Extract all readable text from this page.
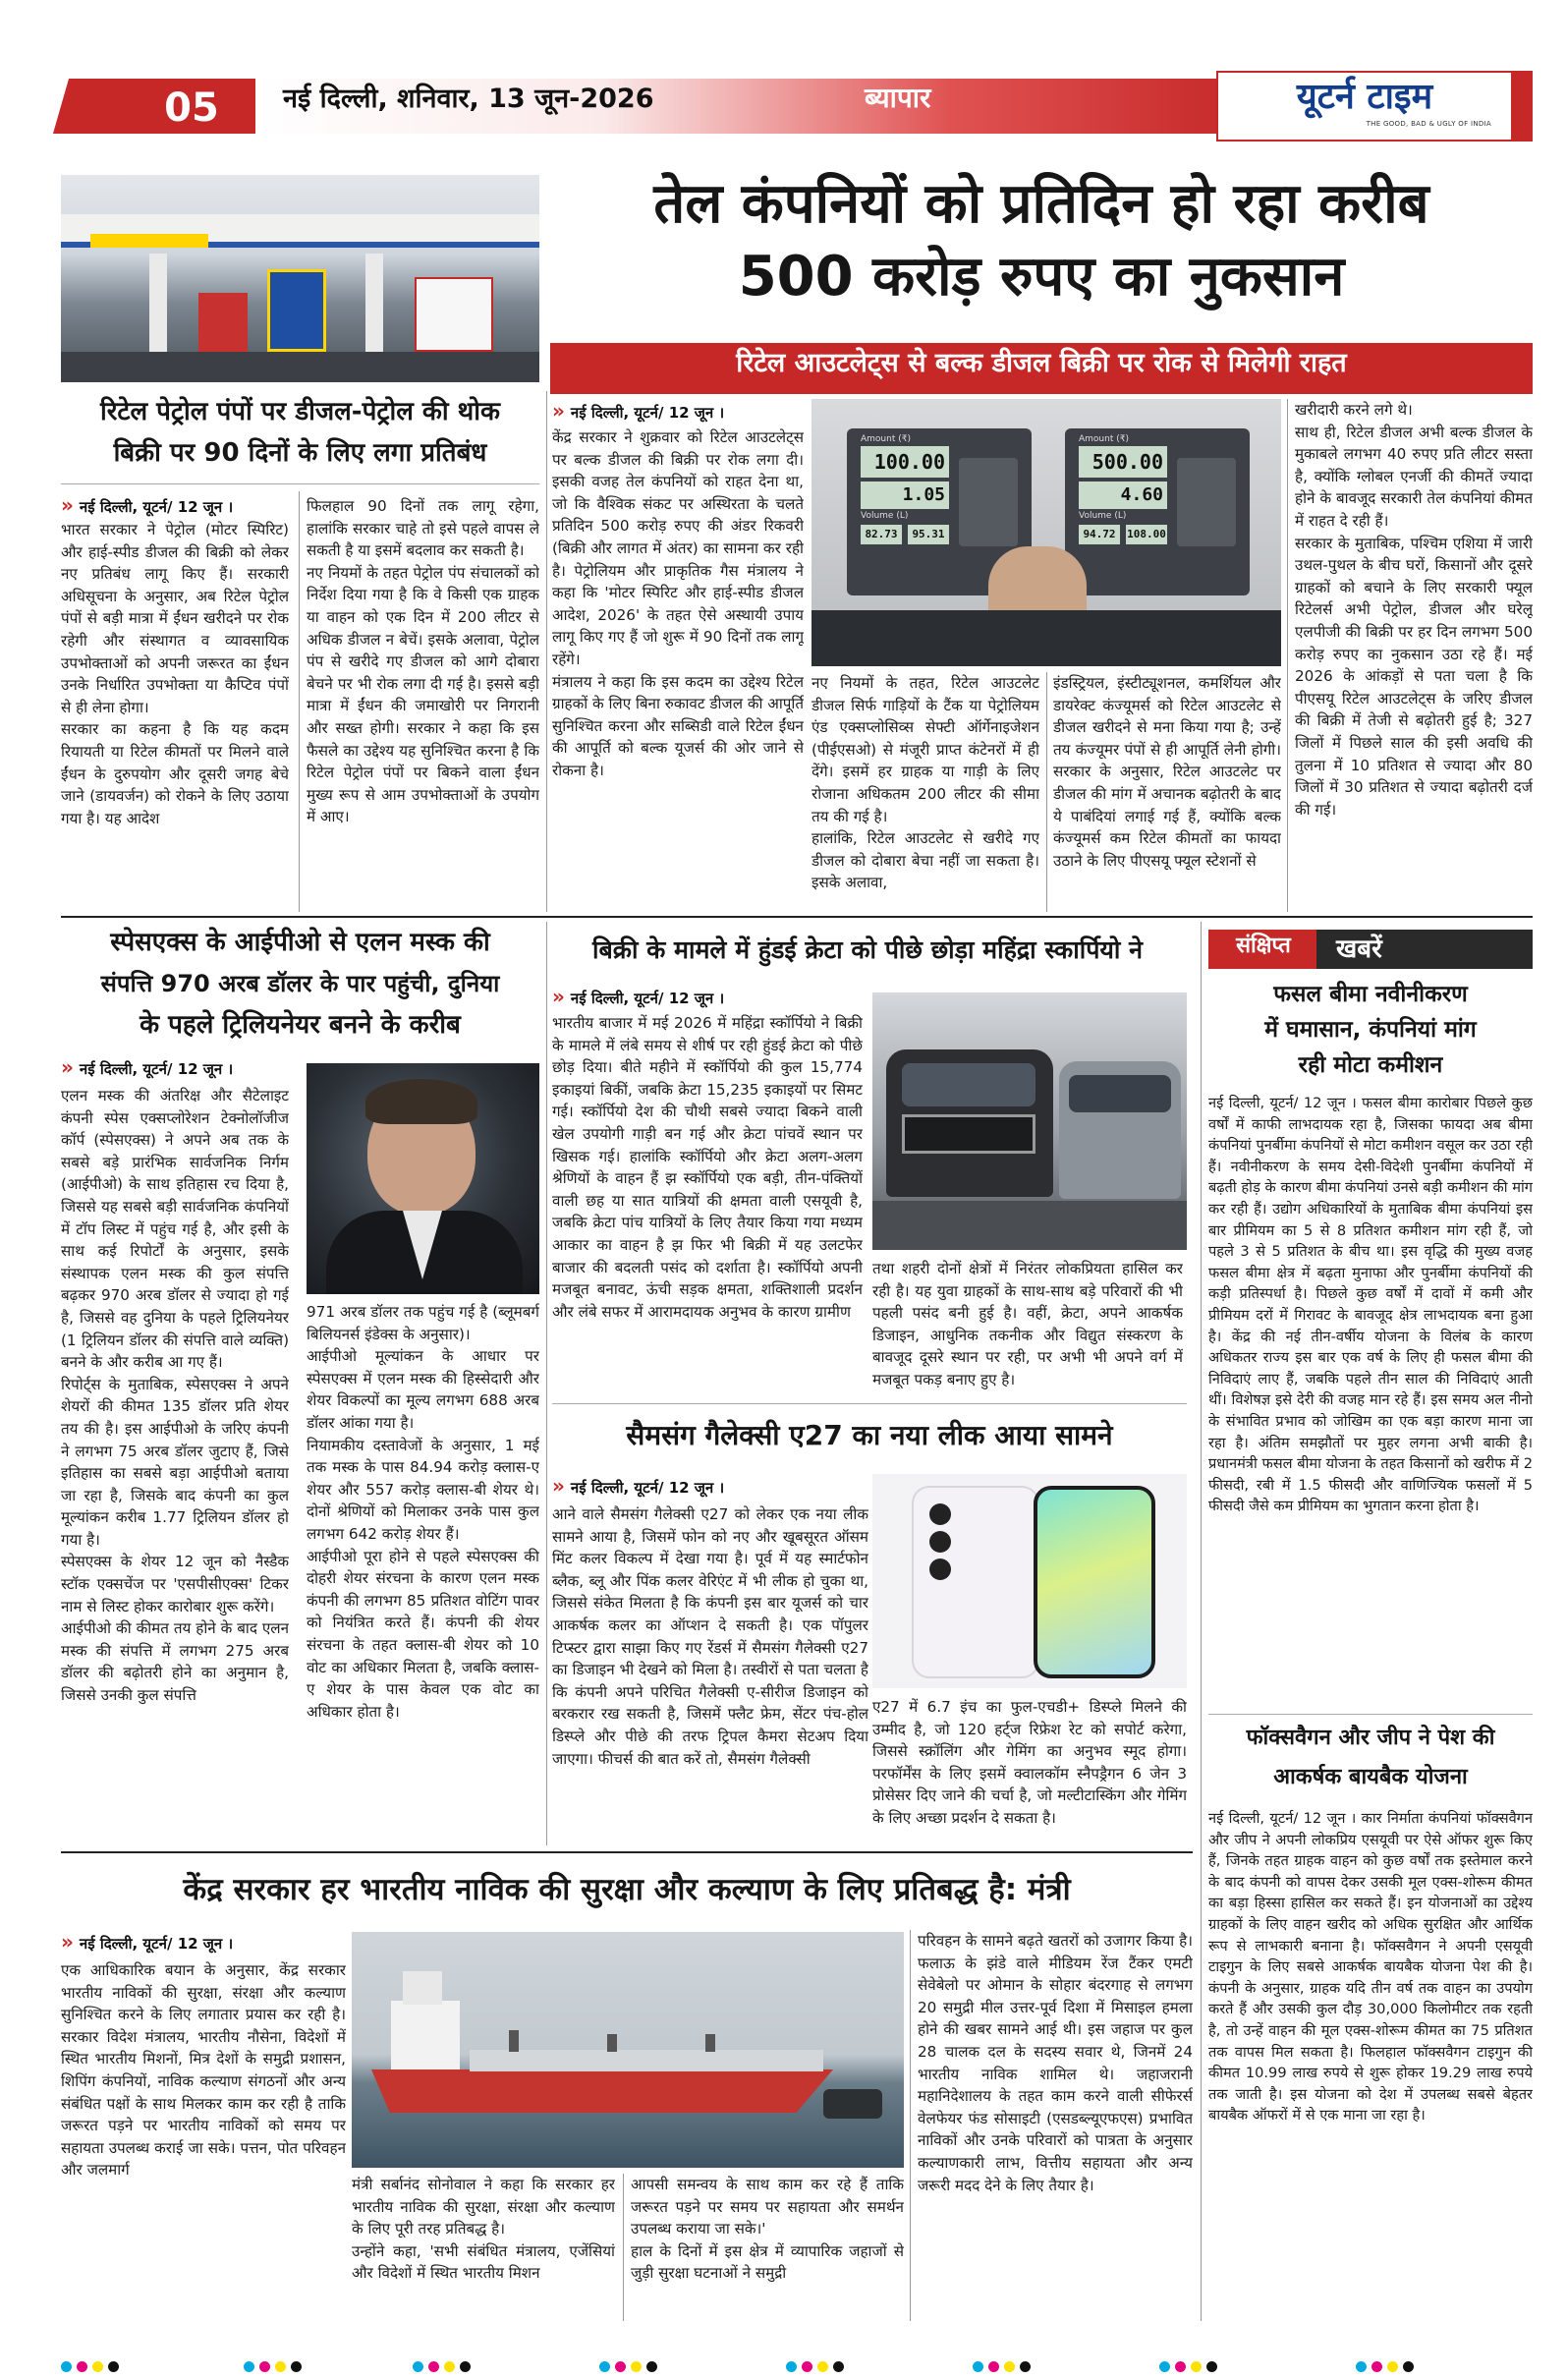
05	नई दिल्ली, शनिवार, 13 जून-2026	ब्यापार	यूटर्न टाइम
THE GOOD, BAD & UGLY OF INDIA
तेल कंपनियों को प्रतिदिन हो रहा करीब
500 करोड़ रुपए का नुकसान
रिटेल आउटलेट्स से बल्क डीजल बिक्री पर रोक से मिलेगी राहत
रिटेल पेट्रोल पंपों पर डीजल-पेट्रोल की थोक
बिक्री पर 90 दिनों के लिए लगा प्रतिबंध
» नई दिल्ली, यूटर्न/ 12 जून ।
भारत सरकार ने पेट्रोल (मोटर स्पिरिट) और हाई-स्पीड डीजल की बिक्री को लेकर नए प्रतिबंध लागू किए हैं। सरकारी अधिसूचना के अनुसार, अब रिटेल पेट्रोल पंपों से बड़ी मात्रा में ईंधन खरीदने पर रोक रहेगी और संस्थागत व व्यावसायिक उपभोक्ताओं को अपनी जरूरत का ईंधन उनके निर्धारित उपभोक्ता या कैप्टिव पंपों से ही लेना होगा।
सरकार का कहना है कि यह कदम रियायती या रिटेल कीमतों पर मिलने वाले ईंधन के दुरुपयोग और दूसरी जगह बेचे जाने (डायवर्जन) को रोकने के लिए उठाया गया है। यह आदेश
फिलहाल 90 दिनों तक लागू रहेगा, हालांकि सरकार चाहे तो इसे पहले वापस ले सकती है या इसमें बदलाव कर सकती है।
नए नियमों के तहत पेट्रोल पंप संचालकों को निर्देश दिया गया है कि वे किसी एक ग्राहक या वाहन को एक दिन में 200 लीटर से अधिक डीजल न बेचें। इसके अलावा, पेट्रोल पंप से खरीदे गए डीजल को आगे दोबारा बेचने पर भी रोक लगा दी गई है। इससे बड़ी मात्रा में ईंधन की जमाखोरी पर निगरानी और सख्त होगी। सरकार ने कहा कि इस फैसले का उद्देश्य यह सुनिश्चित करना है कि रिटेल पेट्रोल पंपों पर बिकने वाला ईंधन मुख्य रूप से आम उपभोक्ताओं के उपयोग में आए।
» नई दिल्ली, यूटर्न/ 12 जून ।
केंद्र सरकार ने शुक्रवार को रिटेल आउटलेट्स पर बल्क डीजल की बिक्री पर रोक लगा दी। इसकी वजह तेल कंपनियों को राहत देना था, जो कि वैश्विक संकट पर अस्थिरता के चलते प्रतिदिन 500 करोड़ रुपए की अंडर रिकवरी (बिक्री और लागत में अंतर) का सामना कर रही है। पेट्रोलियम और प्राकृतिक गैस मंत्रालय ने कहा कि 'मोटर स्पिरिट और हाई-स्पीड डीजल आदेश, 2026' के तहत ऐसे अस्थायी उपाय लागू किए गए हैं जो शुरू में 90 दिनों तक लागू रहेंगे।
मंत्रालय ने कहा कि इस कदम का उद्देश्य रिटेल ग्राहकों के लिए बिना रुकावट डीजल की आपूर्ति सुनिश्चित करना और सब्सिडी वाले रिटेल ईंधन की आपूर्ति को बल्क यूजर्स की ओर जाने से रोकना है।
Amount (₹)
100.00
1.05
Volume (L)
82.73	95.31
Amount (₹)
500.00
4.60
Volume (L)
94.72	108.00
नए नियमों के तहत, रिटेल आउटलेट डीजल सिर्फ गाड़ियों के टैंक या पेट्रोलियम एंड एक्सप्लोसिव्स सेफ्टी ऑर्गेनाइजेशन (पीईएसओ) से मंजूरी प्राप्त कंटेनरों में ही देंगे। इसमें हर ग्राहक या गाड़ी के लिए रोजाना अधिकतम 200 लीटर की सीमा तय की गई है।
हालांकि, रिटेल आउटलेट से खरीदे गए डीजल को दोबारा बेचा नहीं जा सकता है। इसके अलावा,
इंडस्ट्रियल, इंस्टीट्यूशनल, कमर्शियल और डायरेक्ट कंज्यूमर्स को रिटेल आउटलेट से डीजल खरीदने से मना किया गया है; उन्हें तय कंज्यूमर पंपों से ही आपूर्ति लेनी होगी। सरकार के अनुसार, रिटेल आउटलेट पर डीजल की मांग में अचानक बढ़ोतरी के बाद ये पाबंदियां लगाई गई हैं, क्योंकि बल्क कंज्यूमर्स कम रिटेल कीमतों का फायदा उठाने के लिए पीएसयू फ्यूल स्टेशनों से
खरीदारी करने लगे थे।
साथ ही, रिटेल डीजल अभी बल्क डीजल के मुकाबले लगभग 40 रुपए प्रति लीटर सस्ता है, क्योंकि ग्लोबल एनर्जी की कीमतें ज्यादा होने के बावजूद सरकारी तेल कंपनियां कीमत में राहत दे रही हैं।
सरकार के मुताबिक, पश्चिम एशिया में जारी उथल-पुथल के बीच घरों, किसानों और दूसरे ग्राहकों को बचाने के लिए सरकारी फ्यूल रिटेलर्स अभी पेट्रोल, डीजल और घरेलू एलपीजी की बिक्री पर हर दिन लगभग 500 करोड़ रुपए का नुकसान उठा रहे हैं। मई 2026 के आंकड़ों से पता चला है कि पीएसयू रिटेल आउटलेट्स के जरिए डीजल की बिक्री में तेजी से बढ़ोतरी हुई है; 327 जिलों में पिछले साल की इसी अवधि की तुलना में 10 प्रतिशत से ज्यादा और 80 जिलों में 30 प्रतिशत से ज्यादा बढ़ोतरी दर्ज की गई।
स्पेसएक्स के आईपीओ से एलन मस्क की
संपत्ति 970 अरब डॉलर के पार पहुंची, दुनिया
के पहले ट्रिलियनेयर बनने के करीब
» नई दिल्ली, यूटर्न/ 12 जून ।
एलन मस्क की अंतरिक्ष और सैटेलाइट कंपनी स्पेस एक्सप्लोरेशन टेक्नोलॉजीज कॉर्प (स्पेसएक्स) ने अपने अब तक के सबसे बड़े प्रारंभिक सार्वजनिक निर्गम (आईपीओ) के साथ इतिहास रच दिया है, जिससे यह सबसे बड़ी सार्वजनिक कंपनियों में टॉप लिस्ट में पहुंच गई है, और इसी के साथ कई रिपोर्टों के अनुसार, इसके संस्थापक एलन मस्क की कुल संपत्ति बढ़कर 970 अरब डॉलर से ज्यादा हो गई है, जिससे वह दुनिया के पहले ट्रिलियनेयर (1 ट्रिलियन डॉलर की संपत्ति वाले व्यक्ति) बनने के और करीब आ गए हैं।
रिपोर्ट्स के मुताबिक, स्पेसएक्स ने अपने शेयरों की कीमत 135 डॉलर प्रति शेयर तय की है। इस आईपीओ के जरिए कंपनी ने लगभग 75 अरब डॉलर जुटाए हैं, जिसे इतिहास का सबसे बड़ा आईपीओ बताया जा रहा है, जिसके बाद कंपनी का कुल मूल्यांकन करीब 1.77 ट्रिलियन डॉलर हो गया है।
स्पेसएक्स के शेयर 12 जून को नैस्डैक स्टॉक एक्सचेंज पर 'एसपीसीएक्स' टिकर नाम से लिस्ट होकर कारोबार शुरू करेंगे।
आईपीओ की कीमत तय होने के बाद एलन मस्क की संपत्ति में लगभग 275 अरब डॉलर की बढ़ोतरी होने का अनुमान है, जिससे उनकी कुल संपत्ति
971 अरब डॉलर तक पहुंच गई है (ब्लूमबर्ग बिलियनर्स इंडेक्स के अनुसार)।
आईपीओ मूल्यांकन के आधार पर स्पेसएक्स में एलन मस्क की हिस्सेदारी और शेयर विकल्पों का मूल्य लगभग 688 अरब डॉलर आंका गया है।
नियामकीय दस्तावेजों के अनुसार, 1 मई तक मस्क के पास 84.94 करोड़ क्लास-ए शेयर और 557 करोड़ क्लास-बी शेयर थे। दोनों श्रेणियों को मिलाकर उनके पास कुल लगभग 642 करोड़ शेयर हैं।
आईपीओ पूरा होने से पहले स्पेसएक्स की दोहरी शेयर संरचना के कारण एलन मस्क कंपनी की लगभग 85 प्रतिशत वोटिंग पावर को नियंत्रित करते हैं। कंपनी की शेयर संरचना के तहत क्लास-बी शेयर को 10 वोट का अधिकार मिलता है, जबकि क्लास-ए शेयर के पास केवल एक वोट का अधिकार होता है।
बिक्री के मामले में हुंडई क्रेटा को पीछे छोड़ा महिंद्रा स्कार्पियो ने
» नई दिल्ली, यूटर्न/ 12 जून ।
भारतीय बाजार में मई 2026 में महिंद्रा स्कॉर्पियो ने बिक्री के मामले में लंबे समय से शीर्ष पर रही हुंडई क्रेटा को पीछे छोड़ दिया। बीते महीने में स्कॉर्पियो की कुल 15,774 इकाइयां बिकीं, जबकि क्रेटा 15,235 इकाइयों पर सिमट गई। स्कॉर्पियो देश की चौथी सबसे ज्यादा बिकने वाली खेल उपयोगी गाड़ी बन गई और क्रेटा पांचवें स्थान पर खिसक गई। हालांकि स्कॉर्पियो और क्रेटा अलग-अलग श्रेणियों के वाहन हैं झ स्कॉर्पियो एक बड़ी, तीन-पंक्तियों वाली छह या सात यात्रियों की क्षमता वाली एसयूवी है, जबकि क्रेटा पांच यात्रियों के लिए तैयार किया गया मध्यम आकार का वाहन है झ फिर भी बिक्री में यह उलटफेर बाजार की बदलती पसंद को दर्शाता है। स्कॉर्पियो अपनी मजबूत बनावट, ऊंची सड़क क्षमता, शक्तिशाली प्रदर्शन और लंबे सफर में आरामदायक अनुभव के कारण ग्रामीण
तथा शहरी दोनों क्षेत्रों में निरंतर लोकप्रियता हासिल कर रही है। यह युवा ग्राहकों के साथ-साथ बड़े परिवारों की भी पहली पसंद बनी हुई है। वहीं, क्रेटा, अपने आकर्षक डिजाइन, आधुनिक तकनीक और विद्युत संस्करण के बावजूद दूसरे स्थान पर रही, पर अभी भी अपने वर्ग में मजबूत पकड़ बनाए हुए है।
सैमसंग गैलेक्सी ए27 का नया लीक आया सामने
» नई दिल्ली, यूटर्न/ 12 जून ।
आने वाले सैमसंग गैलेक्सी ए27 को लेकर एक नया लीक सामने आया है, जिसमें फोन को नए और खूबसूरत ऑसम मिंट कलर विकल्प में देखा गया है। पूर्व में यह स्मार्टफोन ब्लैक, ब्लू और पिंक कलर वेरिएंट में भी लीक हो चुका था, जिससे संकेत मिलता है कि कंपनी इस बार यूजर्स को चार आकर्षक कलर का ऑप्शन दे सकती है। एक पॉपुलर टिप्स्टर द्वारा साझा किए गए रेंडर्स में सैमसंग गैलेक्सी ए27 का डिजाइन भी देखने को मिला है। तस्वीरों से पता चलता है कि कंपनी अपने परिचित गैलेक्सी ए-सीरीज डिजाइन को बरकरार रख सकती है, जिसमें फ्लैट फ्रेम, सेंटर पंच-होल डिस्प्ले और पीछे की तरफ ट्रिपल कैमरा सेटअप दिया जाएगा। फीचर्स की बात करें तो, सैमसंग गैलेक्सी
ए27 में 6.7 इंच का फुल-एचडी+ डिस्प्ले मिलने की उम्मीद है, जो 120 हर्ट्ज रिफ्रेश रेट को सपोर्ट करेगा, जिससे स्क्रॉलिंग और गेमिंग का अनुभव स्मूद होगा। परफॉर्मेंस के लिए इसमें क्वालकॉम स्नैपड्रैगन 6 जेन 3 प्रोसेसर दिए जाने की चर्चा है, जो मल्टीटास्किंग और गेमिंग के लिए अच्छा प्रदर्शन दे सकता है।
संक्षिप्त	खबरें
फसल बीमा नवीनीकरण
में घमासान, कंपनियां मांग
रही मोटा कमीशन
नई दिल्ली, यूटर्न/ 12 जून । फसल बीमा कारोबार पिछले कुछ वर्षों में काफी लाभदायक रहा है, जिसका फायदा अब बीमा कंपनियां पुनर्बीमा कंपनियों से मोटा कमीशन वसूल कर उठा रही हैं। नवीनीकरण के समय देसी-विदेशी पुनर्बीमा कंपनियों में बढ़ती होड़ के कारण बीमा कंपनियां उनसे बड़ी कमीशन की मांग कर रही हैं। उद्योग अधिकारियों के मुताबिक बीमा कंपनियां इस बार प्रीमियम का 5 से 8 प्रतिशत कमीशन मांग रही हैं, जो पहले 3 से 5 प्रतिशत के बीच था। इस वृद्धि की मुख्य वजह फसल बीमा क्षेत्र में बढ़ता मुनाफा और पुनर्बीमा कंपनियों की कड़ी प्रतिस्पर्धा है। पिछले कुछ वर्षों में दावों में कमी और प्रीमियम दरों में गिरावट के बावजूद क्षेत्र लाभदायक बना हुआ है। केंद्र की नई तीन-वर्षीय योजना के विलंब के कारण अधिकतर राज्य इस बार एक वर्ष के लिए ही फसल बीमा की निविदाएं लाए हैं, जबकि पहले तीन साल की निविदाएं आती थीं। विशेषज्ञ इसे देरी की वजह मान रहे हैं। इस समय अल नीनो के संभावित प्रभाव को जोखिम का एक बड़ा कारण माना जा रहा है। अंतिम समझौतों पर मुहर लगना अभी बाकी है। प्रधानमंत्री फसल बीमा योजना के तहत किसानों को खरीफ में 2 फीसदी, रबी में 1.5 फीसदी और वाणिज्यिक फसलों में 5 फीसदी जैसे कम प्रीमियम का भुगतान करना होता है।
फॉक्सवैगन और जीप ने पेश की
आकर्षक बायबैक योजना
नई दिल्ली, यूटर्न/ 12 जून । कार निर्माता कंपनियां फॉक्सवैगन और जीप ने अपनी लोकप्रिय एसयूवी पर ऐसे ऑफर शुरू किए हैं, जिनके तहत ग्राहक वाहन को कुछ वर्षों तक इस्तेमाल करने के बाद कंपनी को वापस देकर उसकी मूल एक्स-शोरूम कीमत का बड़ा हिस्सा हासिल कर सकते हैं। इन योजनाओं का उद्देश्य ग्राहकों के लिए वाहन खरीद को अधिक सुरक्षित और आर्थिक रूप से लाभकारी बनाना है। फॉक्सवैगन ने अपनी एसयूवी टाइगुन के लिए सबसे आकर्षक बायबैक योजना पेश की है। कंपनी के अनुसार, ग्राहक यदि तीन वर्ष तक वाहन का उपयोग करते हैं और उसकी कुल दौड़ 30,000 किलोमीटर तक रहती है, तो उन्हें वाहन की मूल एक्स-शोरूम कीमत का 75 प्रतिशत तक वापस मिल सकता है। फिलहाल फॉक्सवैगन टाइगुन की कीमत 10.99 लाख रुपये से शुरू होकर 19.29 लाख रुपये तक जाती है। इस योजना को देश में उपलब्ध सबसे बेहतर बायबैक ऑफरों में से एक माना जा रहा है।
केंद्र सरकार हर भारतीय नाविक की सुरक्षा और कल्याण के लिए प्रतिबद्ध है: मंत्री
» नई दिल्ली, यूटर्न/ 12 जून ।
एक आधिकारिक बयान के अनुसार, केंद्र सरकार भारतीय नाविकों की सुरक्षा, संरक्षा और कल्याण सुनिश्चित करने के लिए लगातार प्रयास कर रही है। सरकार विदेश मंत्रालय, भारतीय नौसेना, विदेशों में स्थित भारतीय मिशनों, मित्र देशों के समुद्री प्रशासन, शिपिंग कंपनियों, नाविक कल्याण संगठनों और अन्य संबंधित पक्षों के साथ मिलकर काम कर रही है ताकि जरूरत पड़ने पर भारतीय नाविकों को समय पर सहायता उपलब्ध कराई जा सके। पत्तन, पोत परिवहन और जलमार्ग
मंत्री सर्बानंद सोनोवाल ने कहा कि सरकार हर भारतीय नाविक की सुरक्षा, संरक्षा और कल्याण के लिए पूरी तरह प्रतिबद्ध है।
उन्होंने कहा, 'सभी संबंधित मंत्रालय, एजेंसियां और विदेशों में स्थित भारतीय मिशन
आपसी समन्वय के साथ काम कर रहे हैं ताकि जरूरत पड़ने पर समय पर सहायता और समर्थन उपलब्ध कराया जा सके।'
हाल के दिनों में इस क्षेत्र में व्यापारिक जहाजों से जुड़ी सुरक्षा घटनाओं ने समुद्री
परिवहन के सामने बढ़ते खतरों को उजागर किया है। फलाऊ के झंडे वाले मीडियम रेंज टैंकर एमटी सेवेबेलो पर ओमान के सोहार बंदरगाह से लगभग 20 समुद्री मील उत्तर-पूर्व दिशा में मिसाइल हमला होने की खबर सामने आई थी। इस जहाज पर कुल 28 चालक दल के सदस्य सवार थे, जिनमें 24 भारतीय नाविक शामिल थे। जहाजरानी महानिदेशालय के तहत काम करने वाली सीफेरर्स वेलफेयर फंड सोसाइटी (एसडब्ल्यूएफएस) प्रभावित नाविकों और उनके परिवारों को पात्रता के अनुसार कल्याणकारी लाभ, वित्तीय सहायता और अन्य जरूरी मदद देने के लिए तैयार है।
